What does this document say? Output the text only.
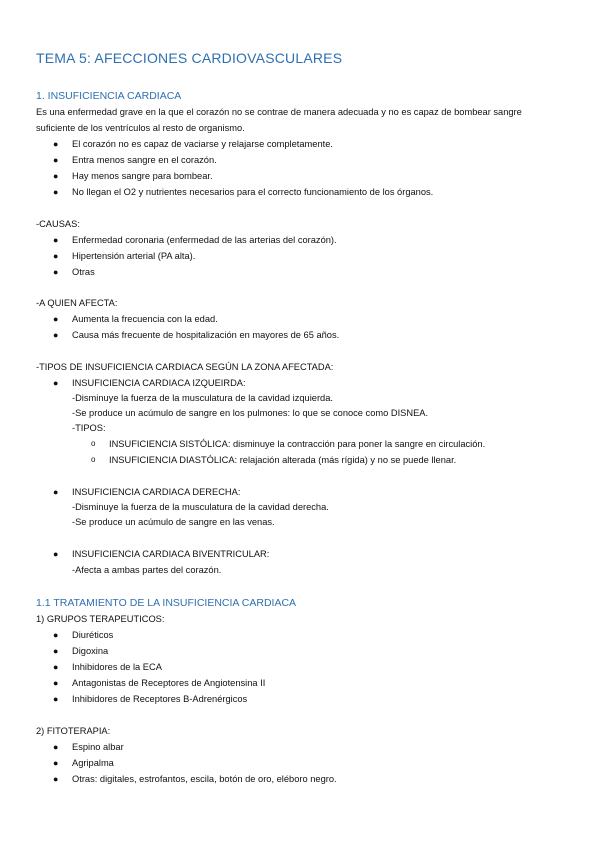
TEMA 5: AFECCIONES CARDIOVASCULARES
1. INSUFICIENCIA CARDIACA
Es una enfermedad grave en la que el corazón no se contrae de manera adecuada y no es capaz de bombear sangre
suficiente de los ventrículos al resto de organismo.
● El corazón no es capaz de vaciarse y relajarse completamente.
● Entra menos sangre en el corazón.
● Hay menos sangre para bombear.
● No llegan el O2 y nutrientes necesarios para el correcto funcionamiento de los órganos.
-CAUSAS:
● Enfermedad coronaria (enfermedad de las arterias del corazón).
● Hipertensión arterial (PA alta).
● Otras
-A QUIEN AFECTA:
● Aumenta la frecuencia con la edad.
● Causa más frecuente de hospitalización en mayores de 65 años.
-TIPOS DE INSUFICIENCIA CARDIACA SEGÚN LA ZONA AFECTADA:
● INSUFICIENCIA CARDIACA IZQUEIRDA:
-Disminuye la fuerza de la musculatura de la cavidad izquierda.
-Se produce un acúmulo de sangre en los pulmones: lo que se conoce como DISNEA.
-TIPOS:
o INSUFICIENCIA SISTÓLICA: disminuye la contracción para poner la sangre en circulación.
o INSUFICIENCIA DIASTÓLICA: relajación alterada (más rígida) y no se puede llenar.
● INSUFICIENCIA CARDIACA DERECHA:
-Disminuye la fuerza de la musculatura de la cavidad derecha.
-Se produce un acúmulo de sangre en las venas.
● INSUFICIENCIA CARDIACA BIVENTRICULAR:
-Afecta a ambas partes del corazón.
1.1 TRATAMIENTO DE LA INSUFICIENCIA CARDIACA
1) GRUPOS TERAPEUTICOS:
● Diuréticos
● Digoxina
● Inhibidores de la ECA
● Antagonistas de Receptores de Angiotensina II
● Inhibidores de Receptores B-Adrenérgicos
2) FITOTERAPIA:
● Espino albar
● Agripalma
● Otras: digitales, estrofantos, escila, botón de oro, eléboro negro.
